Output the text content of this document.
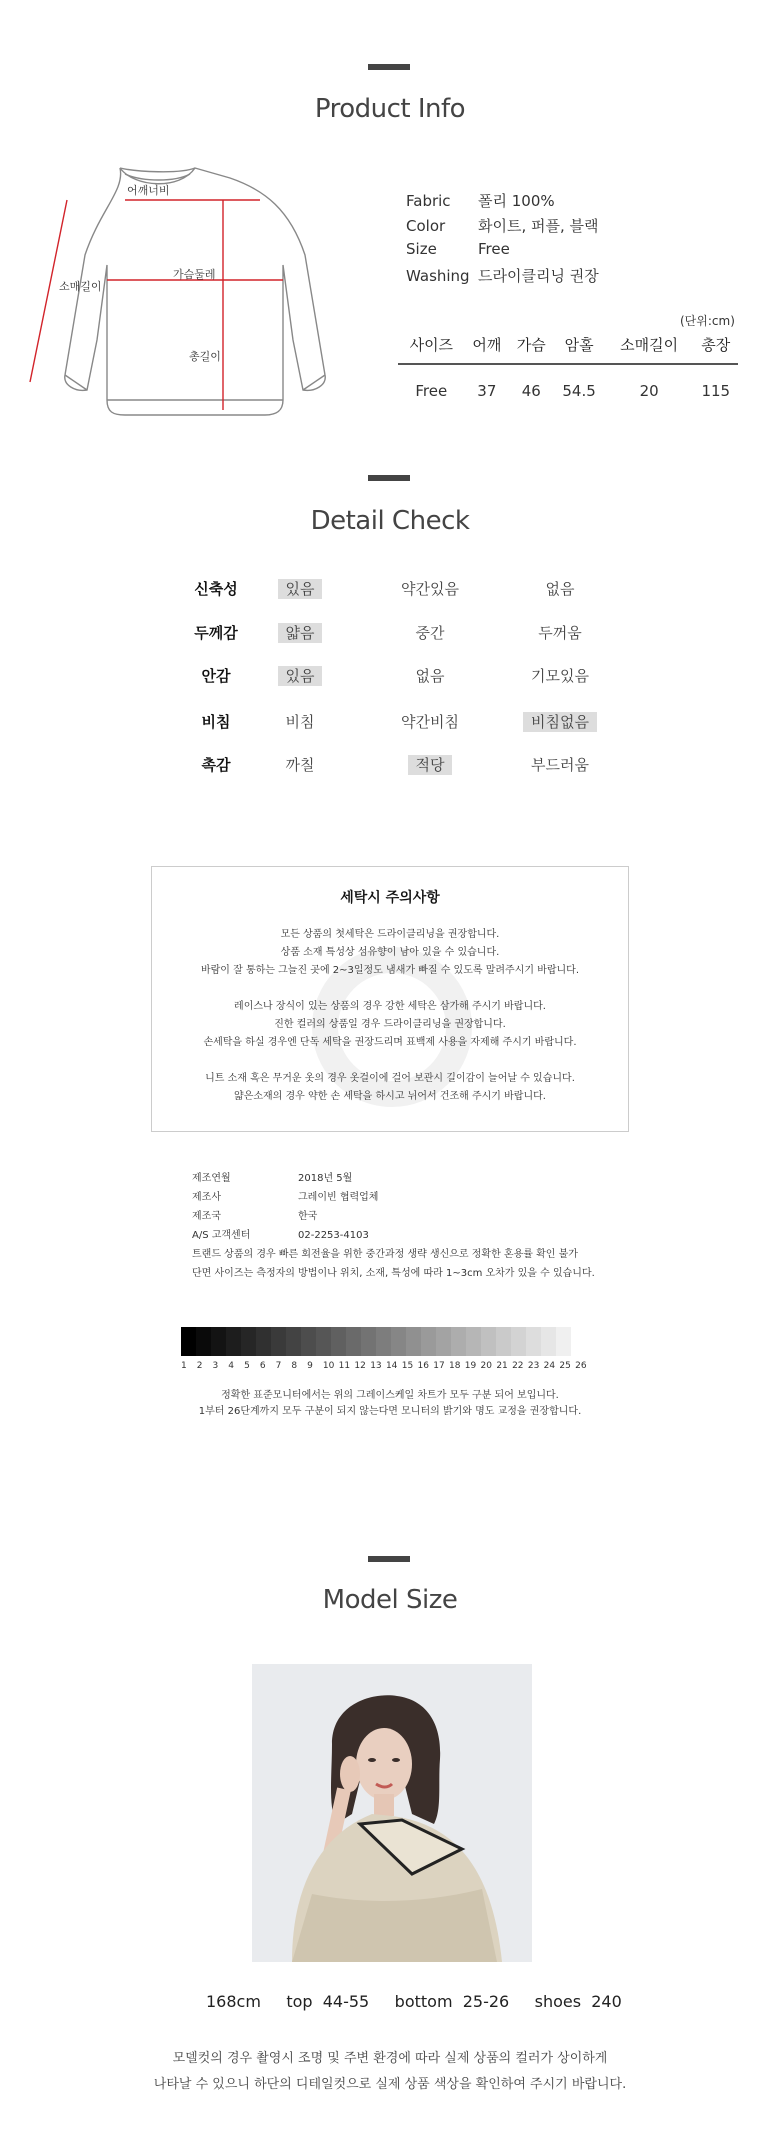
Product Info
어깨너비
가슴둘레
소매길이
총길이
Fabric 폴리 100%
Color 화이트, 퍼플, 블랙
Size	Free
Washing 드라이클리닝 권장
(단위:cm)
사이즈	어깨	가슴	암홀	소매길이	총장
Free	37	46	54.5	20	115
Detail Check
신축성	있음	약간있음	없음
두께감	얇음	중간	두꺼움
안감	있음	없음	기모있음
비침	비침	약간비침	비침없음
촉감	까칠	적당	부드러움
세탁시 주의사항
모든 상품의 첫세탁은 드라이클리닝을 권장합니다.
상품 소재 특성상 섬유향이 남아 있을 수 있습니다.
바람이 잘 통하는 그늘진 곳에 2~3일정도 냄새가 빠질 수 있도록 말려주시기 바랍니다.
레이스나 장식이 있는 상품의 경우 강한 세탁은 삼가해 주시기 바랍니다.
진한 컬러의 상품일 경우 드라이클리닝을 권장합니다.
손세탁을 하실 경우엔 단독 세탁을 권장드리며 표백제 사용을 자제해 주시기 바랍니다.
니트 소재 혹은 무거운 옷의 경우 옷걸이에 걸어 보관시 길이감이 늘어날 수 있습니다.
얇은소재의 경우 약한 손 세탁을 하시고 뉘어서 건조해 주시기 바랍니다.
제조연월	2018년 5월
제조사	그레이빈 협력업체
제조국	한국
A/S 고객센터	02-2253-4103
트랜드 상품의 경우 빠른 회전율을 위한 중간과정 생략 생신으로 정확한 혼용률 확인 불가
단면 사이즈는 측정자의 방법이나 위치, 소재, 특성에 따라 1~3cm 오차가 있을 수 있습니다.
1	2	3	4	5	6	7	8	9	10 11 12 13 14 15 16 17 18 19 20 21 22 23 24 25 26
정확한 표준모니터에서는 위의 그레이스케일 차트가 모두 구분 되어 보입니다.
1부터 26단계까지 모두 구분이 되지 않는다면 모니터의 밝기와 명도 교정을 권장합니다.
Model Size
168cm     top  44-55     bottom  25-26     shoes  240
모델컷의 경우 촬영시 조명 및 주변 환경에 따라 실제 상품의 컬러가 상이하게
나타날 수 있으니 하단의 디테일컷으로 실제 상품 색상을 확인하여 주시기 바랍니다.
